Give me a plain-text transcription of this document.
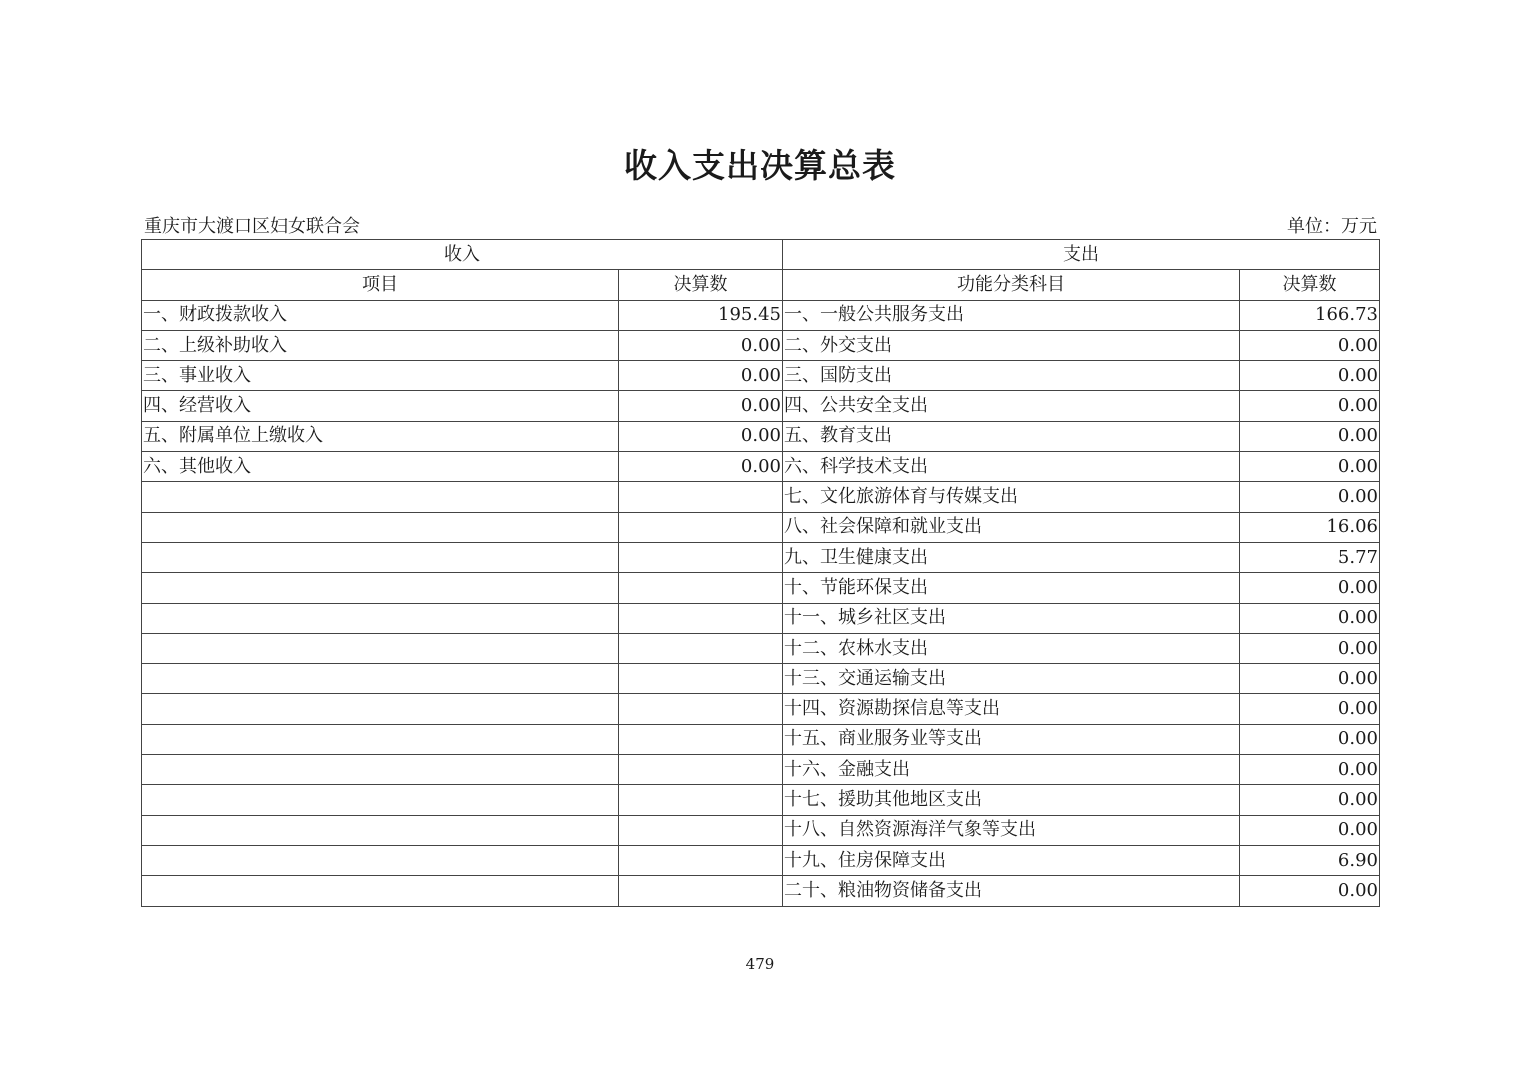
收入支出决算总表
重庆市大渡口区妇女联合会	单位：万元
收入		支出	
项目	决算数	功能分类科目	决算数
一、财政拨款收入	195.45	一、一般公共服务支出	166.73
二、上级补助收入	0.00	二、外交支出	0.00
三、事业收入	0.00	三、国防支出	0.00
四、经营收入	0.00	四、公共安全支出	0.00
五、附属单位上缴收入	0.00	五、教育支出	0.00
六、其他收入	0.00	六、科学技术支出	0.00
		七、文化旅游体育与传媒支出	0.00
		八、社会保障和就业支出	16.06
		九、卫生健康支出	5.77
		十、节能环保支出	0.00
		十一、城乡社区支出	0.00
		十二、农林水支出	0.00
		十三、交通运输支出	0.00
		十四、资源勘探信息等支出	0.00
		十五、商业服务业等支出	0.00
		十六、金融支出	0.00
		十七、援助其他地区支出	0.00
		十八、自然资源海洋气象等支出	0.00
		十九、住房保障支出	6.90
		二十、粮油物资储备支出	0.00
479
